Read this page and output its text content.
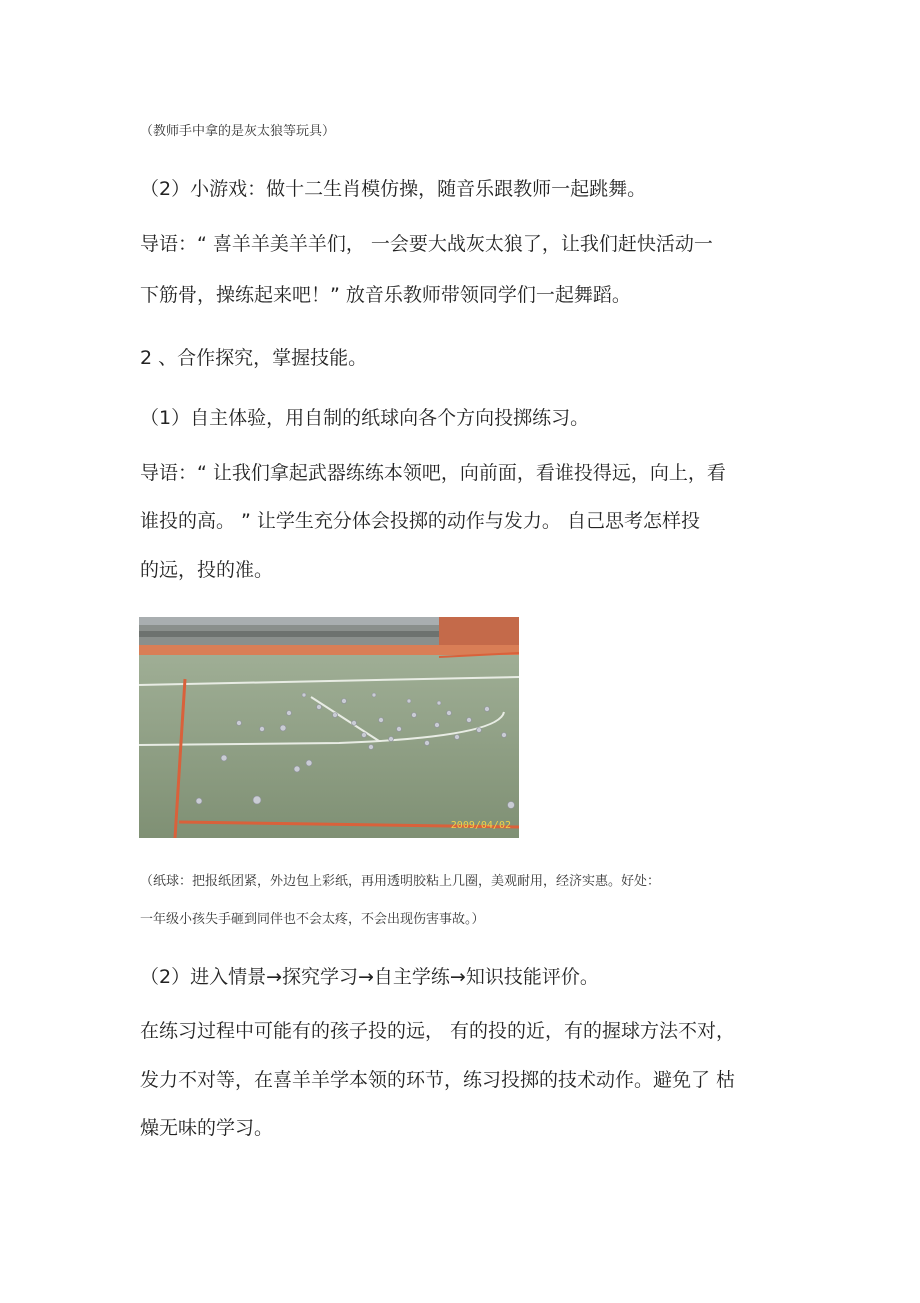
（教师手中拿的是灰太狼等玩具）
（2）小游戏：做十二生肖模仿操，随音乐跟教师一起跳舞。
导语：“ 喜羊羊美羊羊们， 一会要大战灰太狼了，让我们赶快活动一
下筋骨，操练起来吧！” 放音乐教师带领同学们一起舞蹈。
2 、合作探究，掌握技能。
（1）自主体验，用自制的纸球向各个方向投掷练习。
导语：“ 让我们拿起武器练练本领吧，向前面，看谁投得远，向上，看
谁投的高。 ” 让学生充分体会投掷的动作与发力。 自己思考怎样投
的远，投的准。
2009/04/02
（纸球：把报纸团紧，外边包上彩纸，再用透明胶粘上几圈，美观耐用，经济实惠。好处：
一年级小孩失手砸到同伴也不会太疼，不会出现伤害事故。）
（2）进入情景→探究学习→自主学练→知识技能评价。
在练习过程中可能有的孩子投的远， 有的投的近，有的握球方法不对，
发力不对等，在喜羊羊学本领的环节，练习投掷的技术动作。避免了 枯
燥无味的学习。
